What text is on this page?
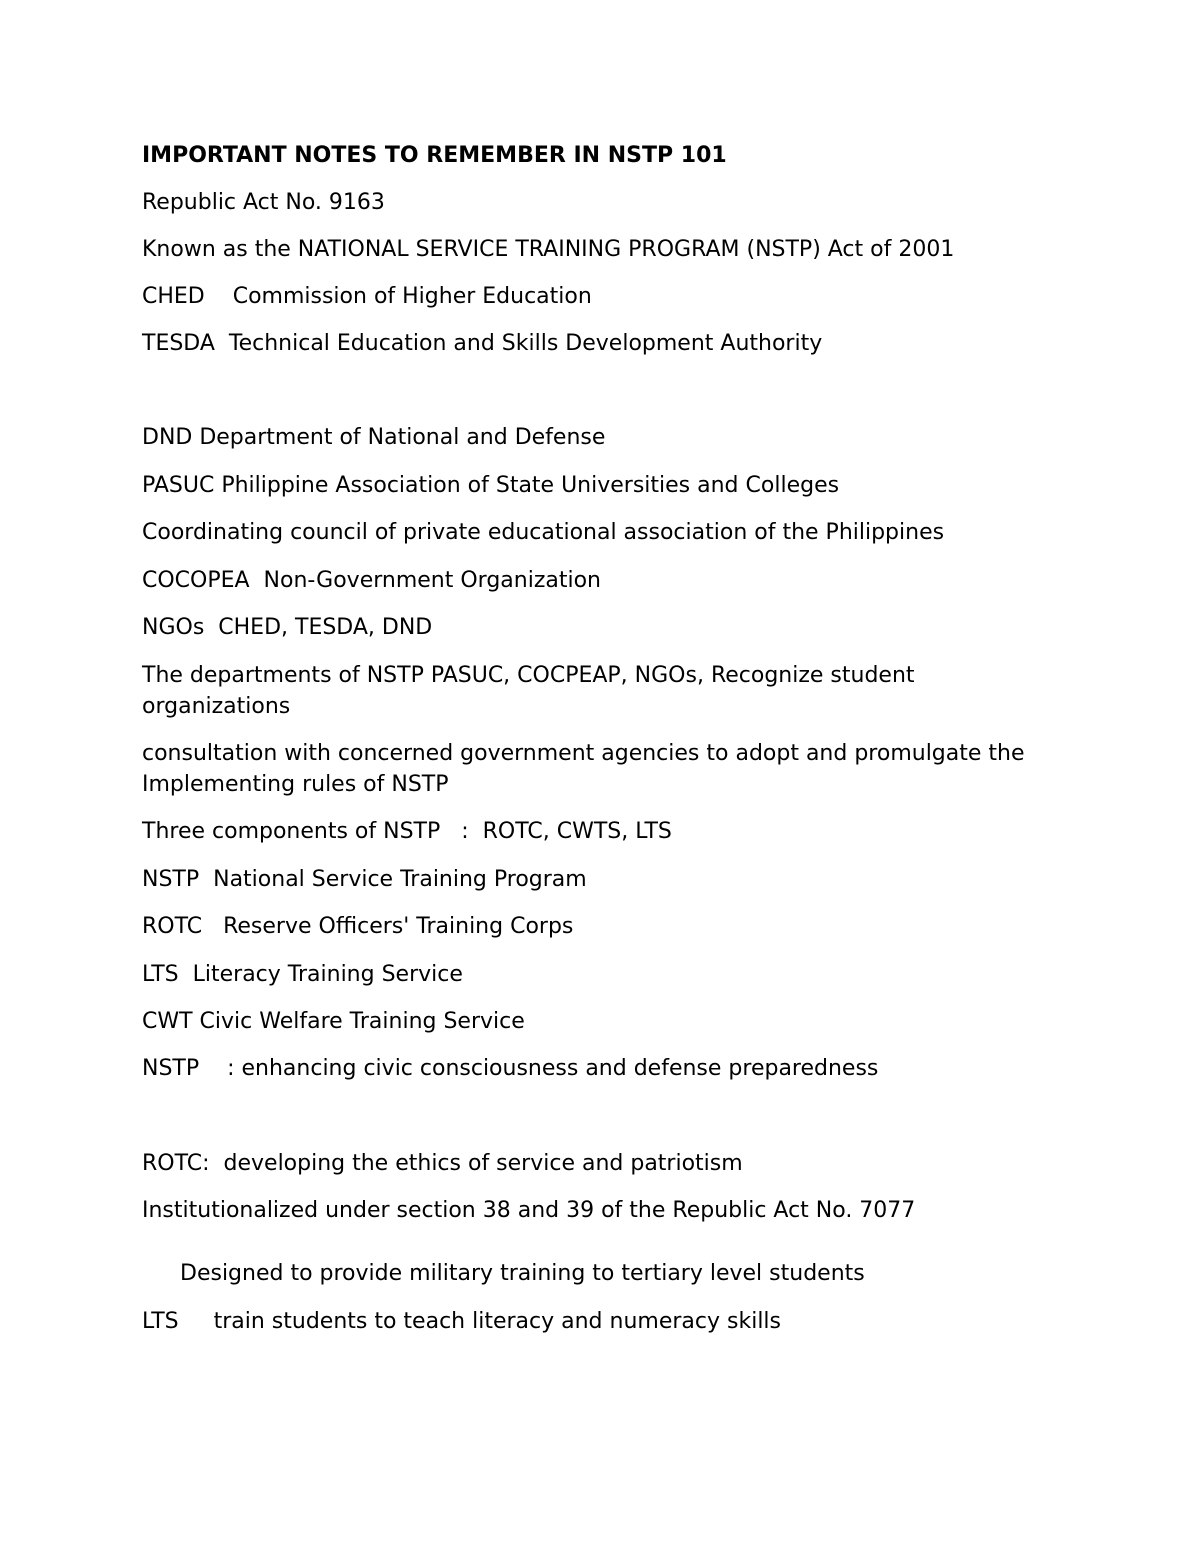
IMPORTANT NOTES TO REMEMBER IN NSTP 101

Republic Act No. 9163

Known as the NATIONAL SERVICE TRAINING PROGRAM (NSTP) Act of 2001

CHED    Commission of Higher Education

TESDA  Technical Education and Skills Development Authority

DND Department of National and Defense

PASUC Philippine Association of State Universities and Colleges

Coordinating council of private educational association of the Philippines

COCOPEA  Non-Government Organization

NGOs  CHED, TESDA, DND

The departments of NSTP PASUC, COCPEAP, NGOs, Recognize student organizations

consultation with concerned government agencies to adopt and promulgate the Implementing rules of NSTP

Three components of NSTP   :  ROTC, CWTS, LTS

NSTP  National Service Training Program

ROTC   Reserve Officers' Training Corps

LTS  Literacy Training Service

CWT Civic Welfare Training Service

NSTP    : enhancing civic consciousness and defense preparedness

ROTC:  developing the ethics of service and patriotism

Institutionalized under section 38 and 39 of the Republic Act No. 7077

Designed to provide military training to tertiary level students

LTS     train students to teach literacy and numeracy skills
